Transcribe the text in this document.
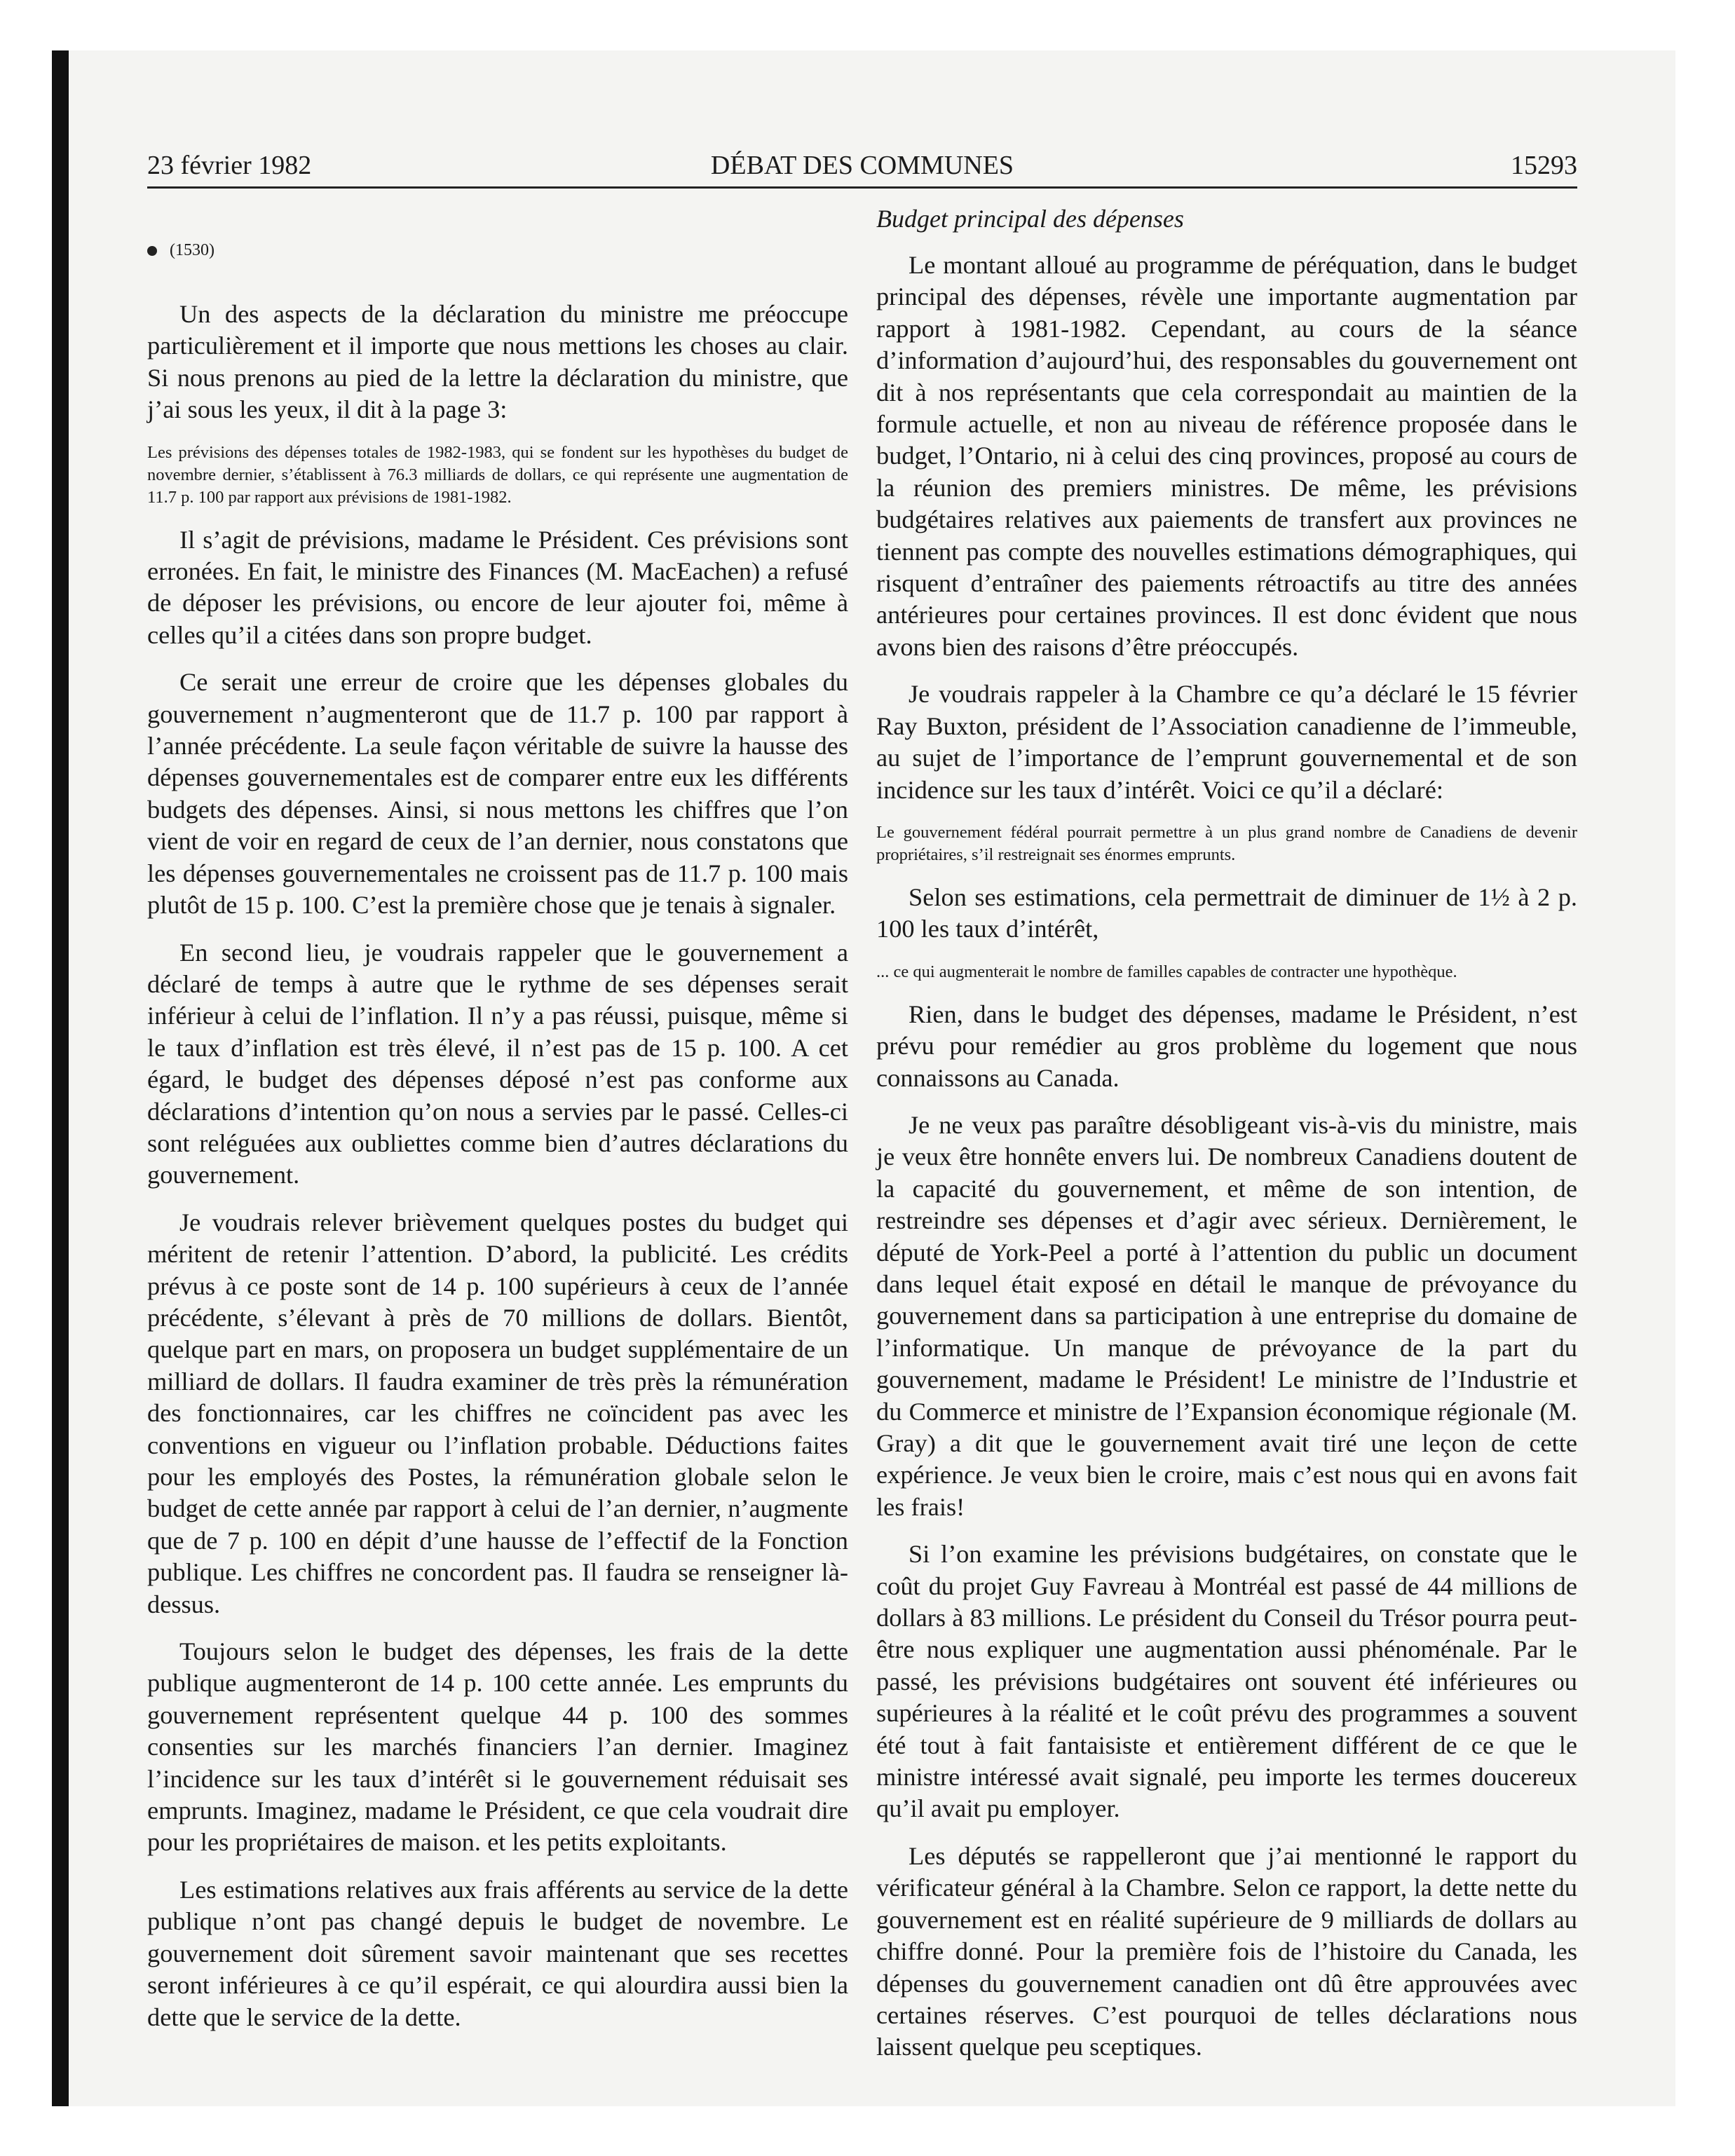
23 février 1982	DÉBAT DES COMMUNES	15293
(1530)

Un des aspects de la déclaration du ministre me préoccupe particulièrement et il importe que nous mettions les choses au clair. Si nous prenons au pied de la lettre la déclaration du ministre, que j’ai sous les yeux, il dit à la page 3:

Les prévisions des dépenses totales de 1982-1983, qui se fondent sur les hypothèses du budget de novembre dernier, s’établissent à 76.3 milliards de dollars, ce qui représente une augmentation de 11.7 p. 100 par rapport aux prévisions de 1981-1982.

Il s’agit de prévisions, madame le Président. Ces prévisions sont erronées. En fait, le ministre des Finances (M. MacEachen) a refusé de déposer les prévisions, ou encore de leur ajouter foi, même à celles qu’il a citées dans son propre budget.

Ce serait une erreur de croire que les dépenses globales du gouvernement n’augmenteront que de 11.7 p. 100 par rapport à l’année précédente. La seule façon véritable de suivre la hausse des dépenses gouvernementales est de comparer entre eux les différents budgets des dépenses. Ainsi, si nous mettons les chiffres que l’on vient de voir en regard de ceux de l’an dernier, nous constatons que les dépenses gouvernementales ne croissent pas de 11.7 p. 100 mais plutôt de 15 p. 100. C’est la première chose que je tenais à signaler.

En second lieu, je voudrais rappeler que le gouvernement a déclaré de temps à autre que le rythme de ses dépenses serait inférieur à celui de l’inflation. Il n’y a pas réussi, puisque, même si le taux d’inflation est très élevé, il n’est pas de 15 p. 100. A cet égard, le budget des dépenses déposé n’est pas conforme aux déclarations d’intention qu’on nous a servies par le passé. Celles-ci sont reléguées aux oubliettes comme bien d’autres déclarations du gouvernement.

Je voudrais relever brièvement quelques postes du budget qui méritent de retenir l’attention. D’abord, la publicité. Les crédits prévus à ce poste sont de 14 p. 100 supérieurs à ceux de l’année précédente, s’élevant à près de 70 millions de dollars. Bientôt, quelque part en mars, on proposera un budget supplémentaire de un milliard de dollars. Il faudra examiner de très près la rémunération des fonctionnaires, car les chiffres ne coïncident pas avec les conventions en vigueur ou l’inflation probable. Déductions faites pour les employés des Postes, la rémunération globale selon le budget de cette année par rapport à celui de l’an dernier, n’augmente que de 7 p. 100 en dépit d’une hausse de l’effectif de la Fonction publique. Les chiffres ne concordent pas. Il faudra se renseigner là-dessus.

Toujours selon le budget des dépenses, les frais de la dette publique augmenteront de 14 p. 100 cette année. Les emprunts du gouvernement représentent quelque 44 p. 100 des sommes consenties sur les marchés financiers l’an dernier. Imaginez l’incidence sur les taux d’intérêt si le gouvernement réduisait ses emprunts. Imaginez, madame le Président, ce que cela voudrait dire pour les propriétaires de maison. et les petits exploitants.

Les estimations relatives aux frais afférents au service de la dette publique n’ont pas changé depuis le budget de novembre. Le gouvernement doit sûrement savoir maintenant que ses recettes seront inférieures à ce qu’il espérait, ce qui alourdira aussi bien la dette que le service de la dette.

Budget principal des dépenses

Le montant alloué au programme de péréquation, dans le budget principal des dépenses, révèle une importante augmentation par rapport à 1981-1982. Cependant, au cours de la séance d’information d’aujourd’hui, des responsables du gouvernement ont dit à nos représentants que cela correspondait au maintien de la formule actuelle, et non au niveau de référence proposée dans le budget, l’Ontario, ni à celui des cinq provinces, proposé au cours de la réunion des premiers ministres. De même, les prévisions budgétaires relatives aux paiements de transfert aux provinces ne tiennent pas compte des nouvelles estimations démographiques, qui risquent d’entraîner des paiements rétroactifs au titre des années antérieures pour certaines provinces. Il est donc évident que nous avons bien des raisons d’être préoccupés.

Je voudrais rappeler à la Chambre ce qu’a déclaré le 15 février Ray Buxton, président de l’Association canadienne de l’immeuble, au sujet de l’importance de l’emprunt gouvernemental et de son incidence sur les taux d’intérêt. Voici ce qu’il a déclaré:

Le gouvernement fédéral pourrait permettre à un plus grand nombre de Canadiens de devenir propriétaires, s’il restreignait ses énormes emprunts.

Selon ses estimations, cela permettrait de diminuer de 1½ à 2 p. 100 les taux d’intérêt,

... ce qui augmenterait le nombre de familles capables de contracter une hypothèque.

Rien, dans le budget des dépenses, madame le Président, n’est prévu pour remédier au gros problème du logement que nous connaissons au Canada.

Je ne veux pas paraître désobligeant vis-à-vis du ministre, mais je veux être honnête envers lui. De nombreux Canadiens doutent de la capacité du gouvernement, et même de son intention, de restreindre ses dépenses et d’agir avec sérieux. Dernièrement, le député de York-Peel a porté à l’attention du public un document dans lequel était exposé en détail le manque de prévoyance du gouvernement dans sa participation à une entreprise du domaine de l’informatique. Un manque de prévoyance de la part du gouvernement, madame le Président! Le ministre de l’Industrie et du Commerce et ministre de l’Expansion économique régionale (M. Gray) a dit que le gouvernement avait tiré une leçon de cette expérience. Je veux bien le croire, mais c’est nous qui en avons fait les frais!

Si l’on examine les prévisions budgétaires, on constate que le coût du projet Guy Favreau à Montréal est passé de 44 millions de dollars à 83 millions. Le président du Conseil du Trésor pourra peut-être nous expliquer une augmentation aussi phénoménale. Par le passé, les prévisions budgétaires ont souvent été inférieures ou supérieures à la réalité et le coût prévu des programmes a souvent été tout à fait fantaisiste et entièrement différent de ce que le ministre intéressé avait signalé, peu importe les termes doucereux qu’il avait pu employer.

Les députés se rappelleront que j’ai mentionné le rapport du vérificateur général à la Chambre. Selon ce rapport, la dette nette du gouvernement est en réalité supérieure de 9 milliards de dollars au chiffre donné. Pour la première fois de l’histoire du Canada, les dépenses du gouvernement canadien ont dû être approuvées avec certaines réserves. C’est pourquoi de telles déclarations nous laissent quelque peu sceptiques.
